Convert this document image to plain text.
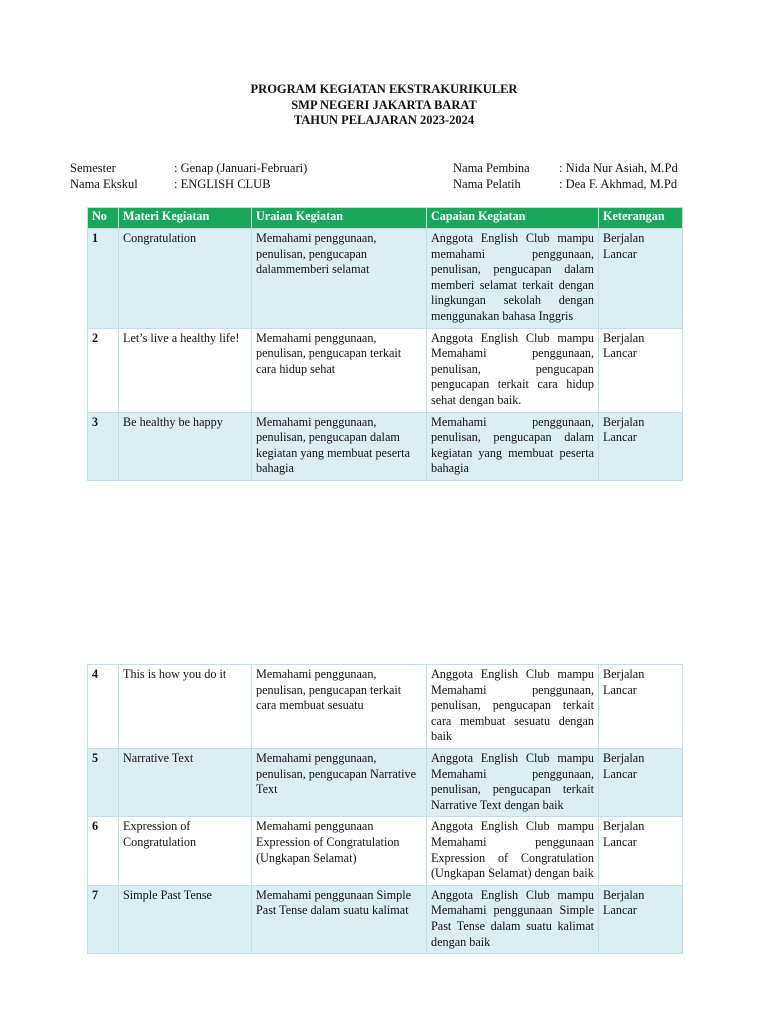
PROGRAM KEGIATAN EKSTRAKURIKULER
SMP NEGERI JAKARTA BARAT
TAHUN PELAJARAN 2023-2024
Semester	: Genap (Januari-Februari)
Nama Ekskul	: ENGLISH CLUB
Nama Pembina : Nida Nur Asiah, M.Pd
Nama Pelatih	: Dea F. Akhmad, M.Pd
No	Materi Kegiatan	Uraian Kegiatan	Capaian Kegiatan	Keterangan
1	Congratulation	Memahami penggunaan, penulisan, pengucapan dalammemberi selamat	Anggota English Club mampu memahami penggunaan, penulisan, pengucapan dalam memberi selamat terkait dengan lingkungan sekolah dengan menggunakan bahasa Inggris	Berjalan Lancar
2	Let’s live a healthy life!	Memahami penggunaan, penulisan, pengucapan terkait cara hidup sehat	Anggota English Club mampu Memahami penggunaan, penulisan, pengucapan pengucapan terkait cara hidup sehat dengan baik.	Berjalan Lancar
3	Be healthy be happy	Memahami penggunaan, penulisan, pengucapan dalam kegiatan yang membuat peserta bahagia	Memahami penggunaan, penulisan, pengucapan dalam kegiatan yang membuat peserta bahagia	Berjalan Lancar
4	This is how you do it	Memahami penggunaan, penulisan, pengucapan terkait cara membuat sesuatu	Anggota English Club mampu Memahami penggunaan, penulisan, pengucapan terkait cara membuat sesuatu dengan baik	Berjalan Lancar
5	Narrative Text	Memahami penggunaan, penulisan, pengucapan Narrative Text	Anggota English Club mampu Memahami penggunaan, penulisan, pengucapan terkait Narrative Text dengan baik	Berjalan Lancar
6	Expression of Congratulation	Memahami penggunaan Expression of Congratulation (Ungkapan Selamat)	Anggota English Club mampu Memahami penggunaan Expression of Congratulation (Ungkapan Selamat) dengan baik	Berjalan Lancar
7	Simple Past Tense	Memahami penggunaan Simple Past Tense dalam suatu kalimat	Anggota English Club mampu Memahami penggunaan Simple Past Tense dalam suatu kalimat dengan baik	Berjalan Lancar
